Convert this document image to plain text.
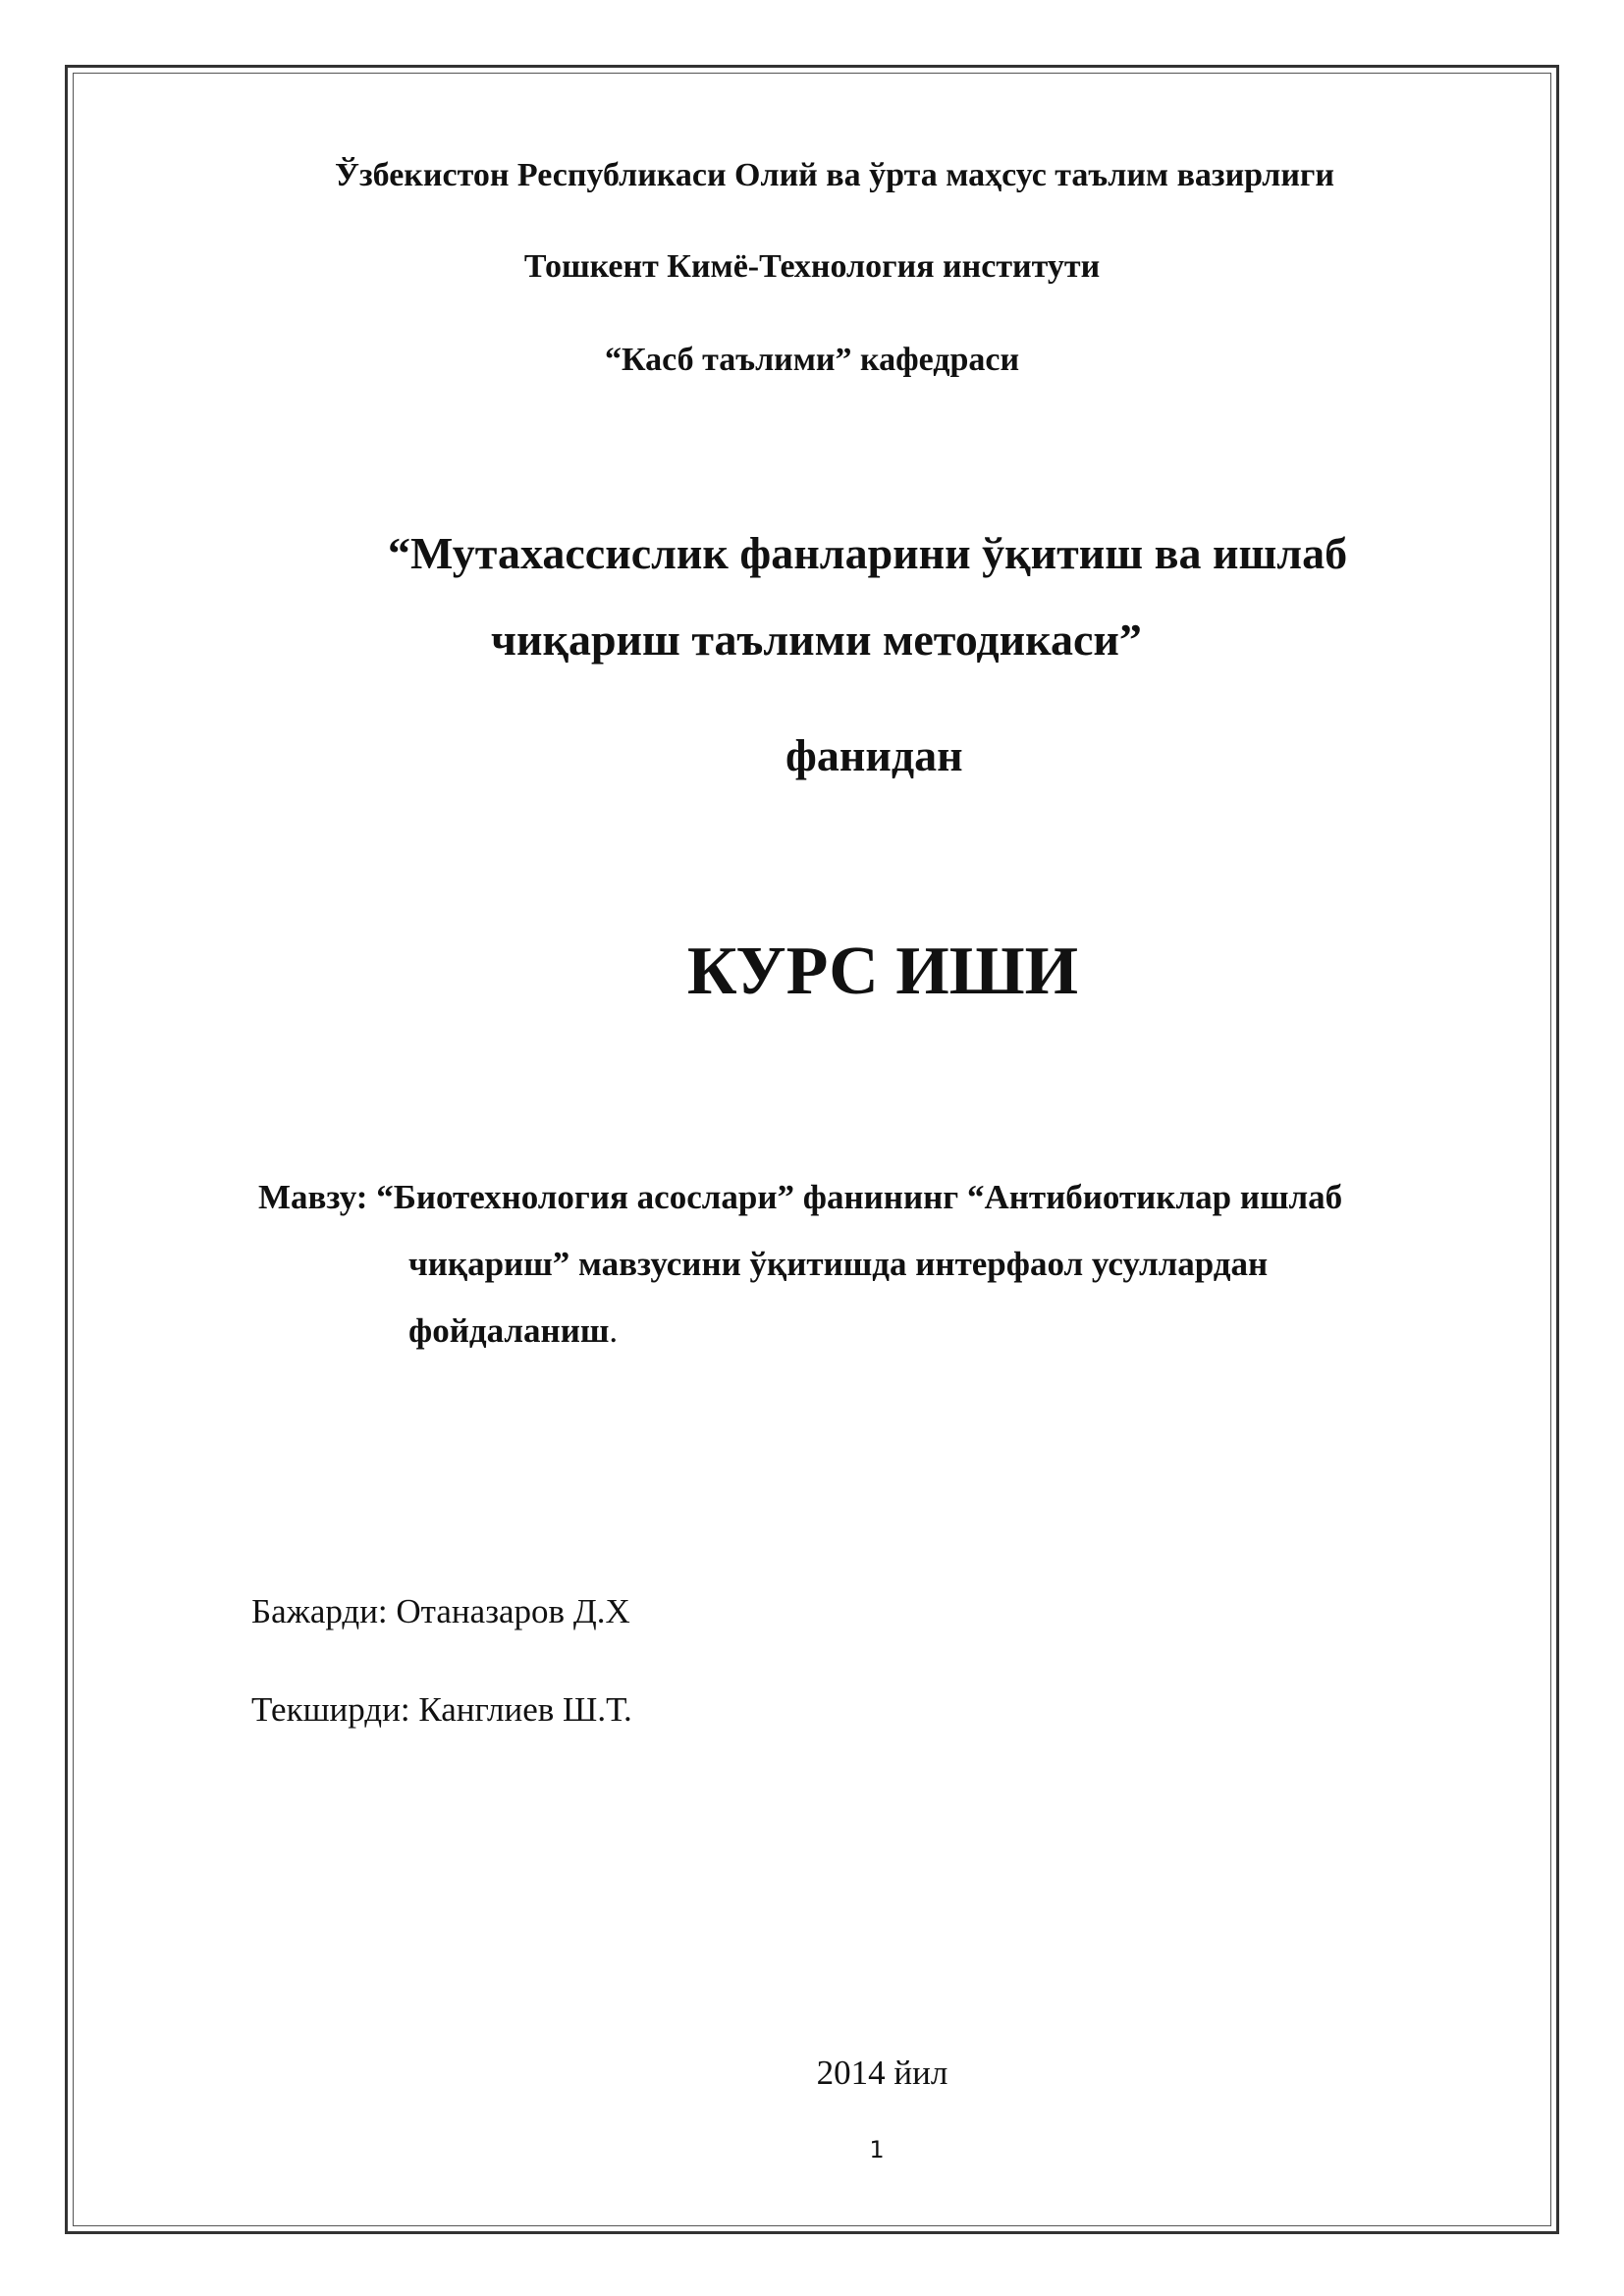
Ўзбекистон Республикаси Олий ва ўрта маҳсус таълим вазирлиги
Тошкент Кимё-Технология институти
“Касб таълими” кафедраси
“Мутахассислик фанларини ўқитиш ва ишлаб
чиқариш таълими методикаси”
фанидан
КУРС ИШИ
Мавзу: “Биотехнология асослари” фанининг “Антибиотиклар ишлаб
чиқариш” мавзусини ўқитишда интерфаол усуллардан
фойдаланиш.
Бажарди: Отаназаров Д.Х
Текширди: Канглиев Ш.Т.
2014 йил
1
